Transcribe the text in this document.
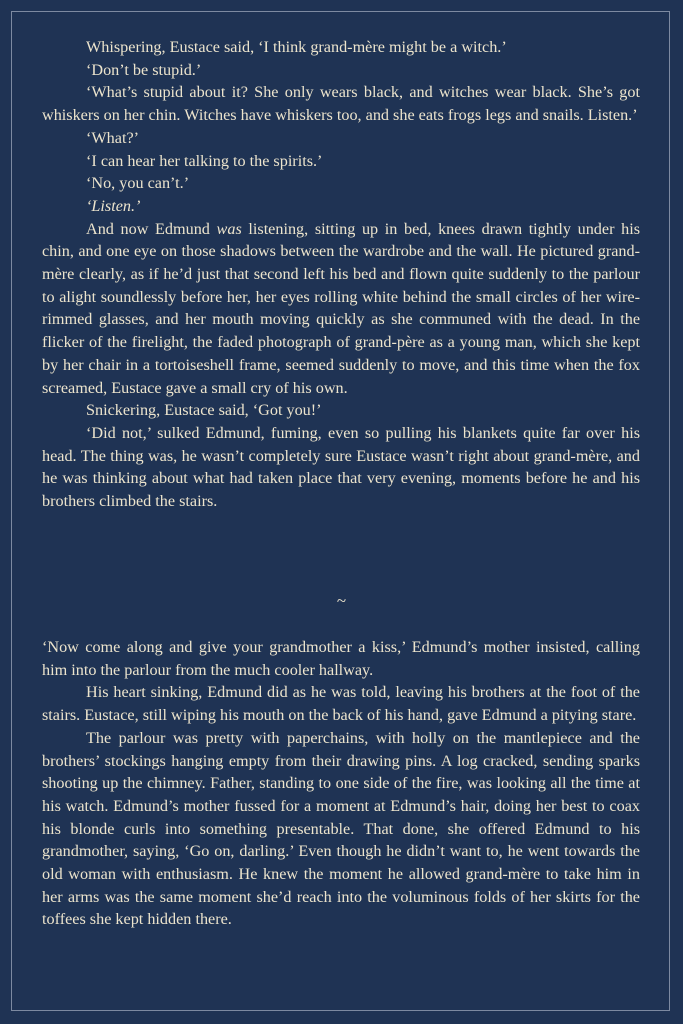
Whispering, Eustace said, ‘I think grand-mère might be a witch.’

‘Don’t be stupid.’

‘What’s stupid about it? She only wears black, and witches wear black. She’s got whiskers on her chin. Witches have whiskers too, and she eats frogs legs and snails. Listen.’

‘What?’

‘I can hear her talking to the spirits.’

‘No, you can’t.’

‘Listen.’

And now Edmund was listening, sitting up in bed, knees drawn tightly under his chin, and one eye on those shadows between the wardrobe and the wall. He pictured grand-mère clearly, as if he’d just that second left his bed and flown quite suddenly to the parlour to alight soundlessly before her, her eyes rolling white behind the small circles of her wire-rimmed glasses, and her mouth moving quickly as she communed with the dead. In the flicker of the firelight, the faded photograph of grand-père as a young man, which she kept by her chair in a tortoiseshell frame, seemed suddenly to move, and this time when the fox screamed, Eustace gave a small cry of his own.

Snickering, Eustace said, ‘Got you!’

‘Did not,’ sulked Edmund, fuming, even so pulling his blankets quite far over his head. The thing was, he wasn’t completely sure Eustace wasn’t right about grand-mère, and he was thinking about what had taken place that very evening, moments before he and his brothers climbed the stairs.

~

‘Now come along and give your grandmother a kiss,’ Edmund’s mother insisted, calling him into the parlour from the much cooler hallway.

His heart sinking, Edmund did as he was told, leaving his brothers at the foot of the stairs. Eustace, still wiping his mouth on the back of his hand, gave Edmund a pitying stare.

The parlour was pretty with paperchains, with holly on the mantlepiece and the brothers’ stockings hanging empty from their drawing pins. A log cracked, sending sparks shooting up the chimney. Father, standing to one side of the fire, was looking all the time at his watch. Edmund’s mother fussed for a moment at Edmund’s hair, doing her best to coax his blonde curls into something presentable. That done, she offered Edmund to his grandmother, saying, ‘Go on, darling.’ Even though he didn’t want to, he went towards the old woman with enthusiasm. He knew the moment he allowed grand-mère to take him in her arms was the same moment she’d reach into the voluminous folds of her skirts for the toffees she kept hidden there.
